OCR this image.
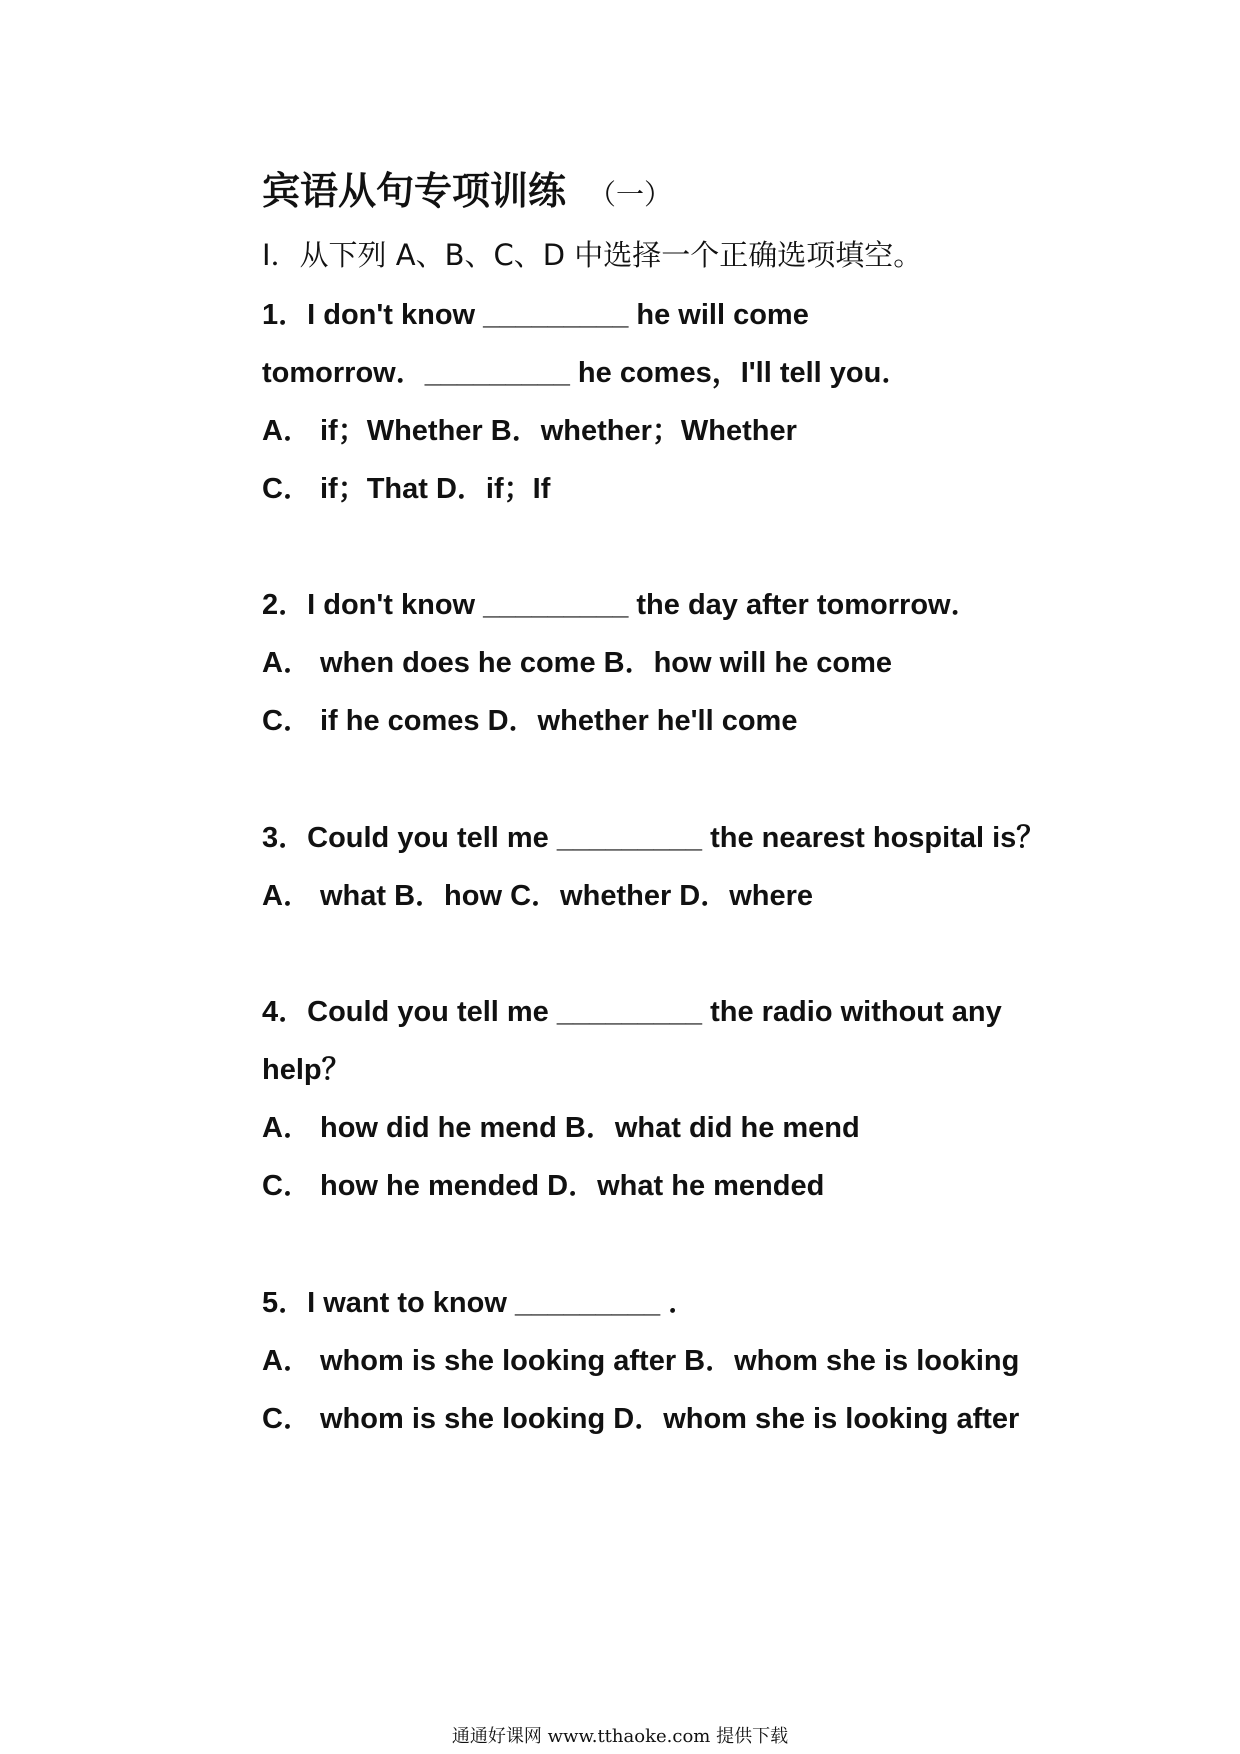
宾语从句专项训练 （一）
I．从下列 A、B、C、D 中选择一个正确选项填空。
1．I don't know _________ he will come
tomorrow．_________ he comes，I'll tell you．
A． if；Whether B．whether；Whether
C． if；That D．if；If
2．I don't know _________ the day after tomorrow．
A． when does he come B．how will he come
C． if he comes D．whether he'll come
3．Could you tell me _________ the nearest hospital is？
A． what B．how C．whether D．where
4．Could you tell me _________ the radio without any
help？
A． how did he mend B．what did he mend
C． how he mended D．what he mended
5．I want to know _________ ．
A． whom is she looking after B．whom she is looking
C． whom is she looking D．whom she is looking after
通通好课网 www.tthaoke.com 提供下载
